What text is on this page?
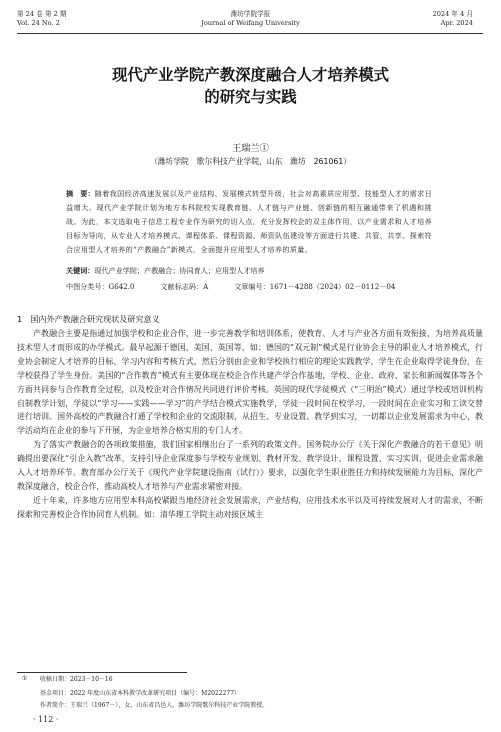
第 24 卷 第 2 期
Vol. 24 No. 2
潍坊学院学报
Journal of Weifang University
2024 年 4 月
Apr. 2024
现代产业学院产教深度融合人才培养模式
的研究与实践
王瑞兰①
（潍坊学院　歌尔科技产业学院，山东　潍坊　261061）
摘　要：随着我国经济高速发展以及产业结构、发展模式转型升级，社会对高素质应用型、技能型人才的需求日益增大。现代产业学院计划为地方本科院校实现教育链、人才链与产业链、创新链的相互融通带来了机遇和挑战。为此，本文选取电子信息工程专业作为研究的切入点，充分发挥校企的双主体作用，以产业需求和人才培养目标为导向，从专业人才培养模式、课程体系、课程资源、师资队伍建设等方面进行共建、共管、共享。探索符合应用型人才培养的“产教融合”新模式，全面提升应用型人才培养的质量。
关键词：现代产业学院；产教融合；协同育人；应用型人才培养
中图分类号：G642.0	文献标志码：A	文章编号：1671－4288（2024）02－0112－04
1　国内外产教融合研究现状及研究意义

产教融合主要是指通过加强学校和企业合作，进一步完善教学和培训体系，使教育、人才与产业各方面有效衔接，为培养高质量技术型人才而形成的办学模式。最早起源于德国、美国、英国等，如：德国的“双元制”模式是行业协会主导的职业人才培养模式，行业协会制定人才培养的目标、学习内容和考核方式，然后分别由企业和学校执行相应的理论实践教学，学生在企业取得学徒身份，在学校获得了学生身份。美国的“合作教育”模式有主要体现在校企合作共建产学合作基地，学校、企业、政府、家长和新闻媒体等各个方面共同参与合作教育全过程，以及校企对合作情况共同进行评价考核。英国的现代学徒模式（“三明治”模式）通过学校或培训机构自制教学计划，学徒以“学习——实践——学习”的产学结合模式实施教学，学徒一段时间在校学习，一段时间在企业实习和工读交替进行培训。国外高校的产教融合打通了学校和企业的交流限制，从招生、专业设置、教学到实习，一切都以企业发展需求为中心，教学活动均在企业的参与下开展，为企业培养合格实用的专门人才。

为了落实产教融合的各项政策措施，我们国家相继出台了一系列的政策文件。国务院办公厅《关于深化产教融合的若干意见》明确提出要深化“引企入教”改革，支持引导企业深度参与学校专业规划、教材开发、教学设计、课程设置、实习实训，促进企业需求融入人才培养环节。教育部办公厅关于《现代产业学院建设指南（试行）》要求，以强化学生职业胜任力和持续发展能力为目标，深化产教深度融合，校企合作，推动高校人才培养与产业需求紧密对接。

近十年来，许多地方应用型本科高校紧跟当地经济社会发展需求，产业结构，应用技术水平以及可持续发展对人才的需求，不断探索和完善校企合作协同育人机制。如：清华理工学院主动对接区域主

① 收稿日期：2023－10－16
基金项目：2022 年度山东省本科教学改革研究项目（编号：M2022277）
作者简介：王瑞兰（1967－），女，山东省昌邑人，潍坊学院歌尔科技产业学院教授。
· 112 ·
